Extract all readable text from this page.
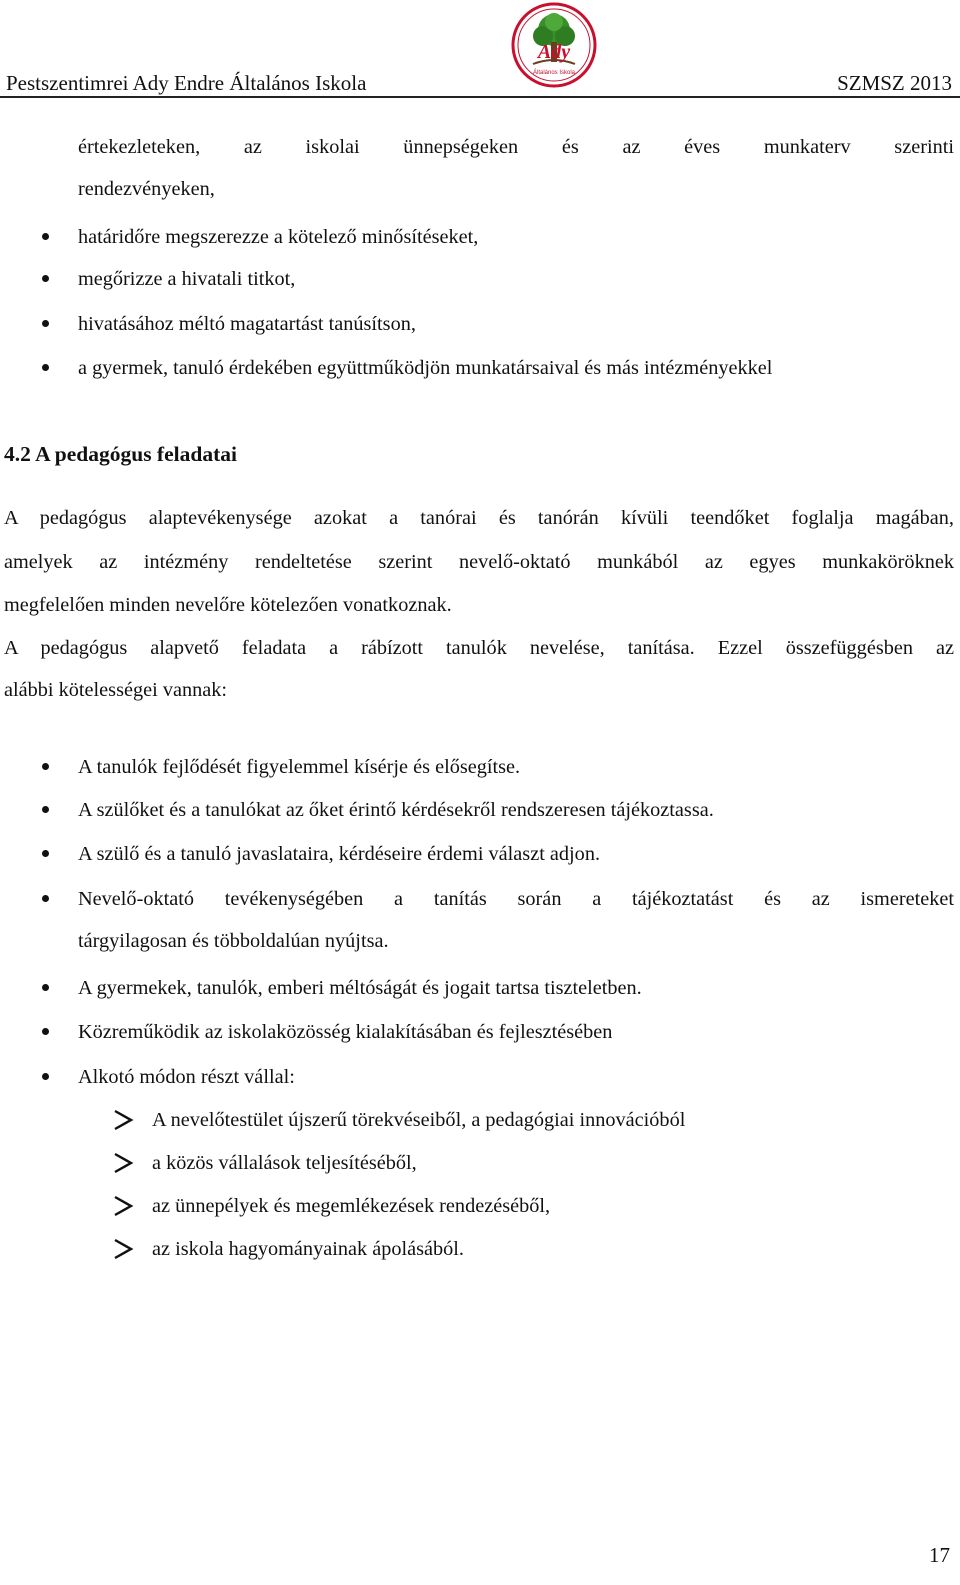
Pestszentimrei Ady Endre Általános Iskola
Ady
Általános Iskola	SZMSZ 2013

értekezleteken, az iskolai ünnepségeken és az éves munkaterv szerinti

rendezvényeken,

határidőre megszerezze a kötelező minősítéseket,

megőrizze a hivatali titkot,

hivatásához méltó magatartást tanúsítson,

a gyermek, tanuló érdekében együttműködjön munkatársaival és más intézményekkel

4.2 A pedagógus feladatai

A pedagógus alaptevékenysége azokat a tanórai és tanórán kívüli teendőket foglalja magában,

amelyek az intézmény rendeltetése szerint nevelő-oktató munkából az egyes munkaköröknek

megfelelően minden nevelőre kötelezően vonatkoznak.

A pedagógus alapvető feladata a rábízott tanulók nevelése, tanítása. Ezzel összefüggésben az

alábbi kötelességei vannak:

A tanulók fejlődését figyelemmel kísérje és elősegítse.

A szülőket és a tanulókat az őket érintő kérdésekről rendszeresen tájékoztassa.

A szülő és a tanuló javaslataira, kérdéseire érdemi választ adjon.

Nevelő-oktató tevékenységében a tanítás során a tájékoztatást és az ismereteket

tárgyilagosan és többoldalúan nyújtsa.

A gyermekek, tanulók, emberi méltóságát és jogait tartsa tiszteletben.

Közreműködik az iskolaközösség kialakításában és fejlesztésében

Alkotó módon részt vállal:

A nevelőtestület újszerű törekvéseiből, a pedagógiai innovációból

a közös vállalások teljesítéséből,

az ünnepélyek és megemlékezések rendezéséből,

az iskola hagyományainak ápolásából.

17
